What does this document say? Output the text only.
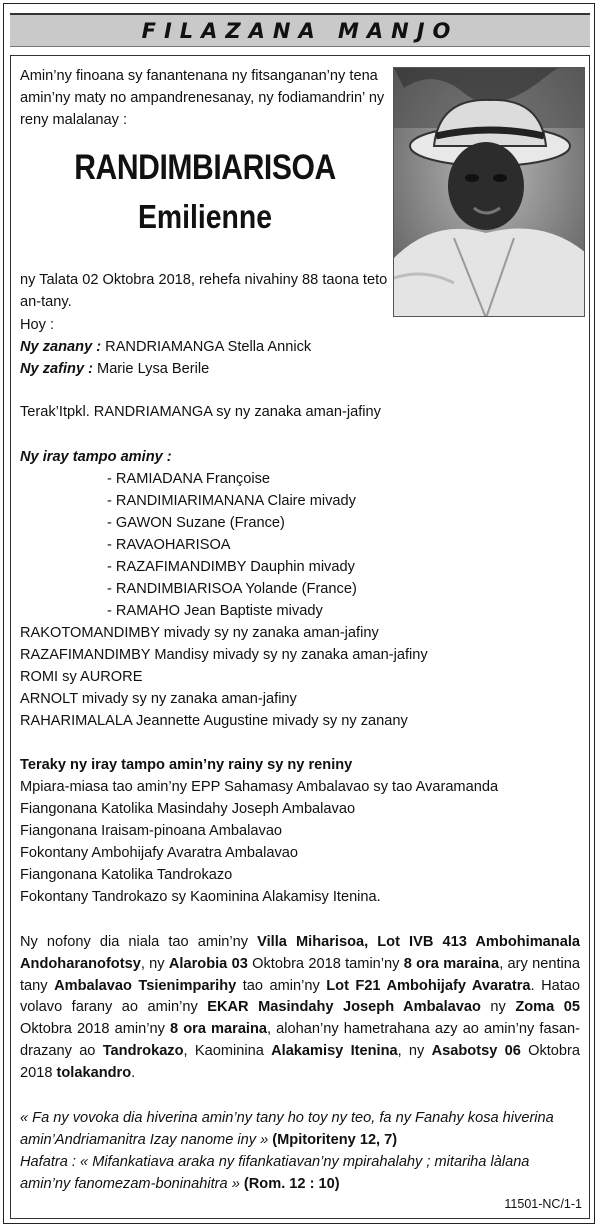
FILAZANA MANJO
Amin’ny finoana sy fanantenana ny fitsanganan’ny tena amin’ny maty no ampandrenesanay, ny fodiamandrin’ ny reny malalanay :
RANDIMBIARISOA
Emilienne
ny Talata 02 Oktobra 2018, rehefa nivahiny 88 taona teto an-tany.
Hoy :
Ny zanany : RANDRIAMANGA Stella Annick
Ny zafiny : Marie Lysa Berile
Terak’Itpkl. RANDRIAMANGA sy ny zanaka aman-jafiny
Ny iray tampo aminy :
- RAMIADANA Françoise
- RANDIMIARIMANANA Claire mivady
- GAWON Suzane (France)
- RAVAOHARISOA
- RAZAFIMANDIMBY Dauphin mivady
- RANDIMBIARISOA Yolande (France)
- RAMAHO Jean Baptiste mivady
RAKOTOMANDIMBY mivady sy ny zanaka aman-jafiny
RAZAFIMANDIMBY Mandisy mivady sy ny zanaka aman-jafiny
ROMI sy AURORE
ARNOLT mivady sy ny zanaka aman-jafiny
RAHARIMALALA Jeannette Augustine mivady sy ny zanany
Teraky ny iray tampo amin’ny rainy sy ny reniny
Mpiara-miasa tao amin’ny EPP Sahamasy Ambalavao sy tao Avaramanda
Fiangonana Katolika Masindahy Joseph Ambalavao
Fiangonana Iraisam-pinoana Ambalavao
Fokontany Ambohijafy Avaratra Ambalavao
Fiangonana Katolika Tandrokazo
Fokontany Tandrokazo sy Kaominina Alakamisy Itenina.
Ny nofony dia niala tao amin’ny Villa Miharisoa, Lot IVB 413 Ambohimanala Andoharanofotsy, ny Alarobia 03 Oktobra 2018 tamin’ny 8 ora maraina, ary nentina tany Ambalavao Tsienimparihy tao amin’ny Lot F21 Ambohijafy Avaratra. Hatao volavo farany ao amin’ny EKAR Masindahy Joseph Ambalavao ny Zoma 05 Oktobra 2018 amin’ny 8 ora maraina, alohan’ny hametrahana azy ao amin’ny fasan-drazany ao Tandrokazo, Kaominina Alakamisy Itenina, ny Asabotsy 06 Oktobra 2018 tolakandro.
« Fa ny vovoka dia hiverina amin’ny tany ho toy ny teo, fa ny Fanahy kosa hiverina amin’Andriamanitra Izay nanome iny » (Mpitoriteny 12, 7)
Hafatra : « Mifankatiava araka ny fifankatiavan’ny mpirahalahy ; mitariha làlana amin’ny fanomezam-boninahitra » (Rom. 12 : 10)
11501-NC/1-1
